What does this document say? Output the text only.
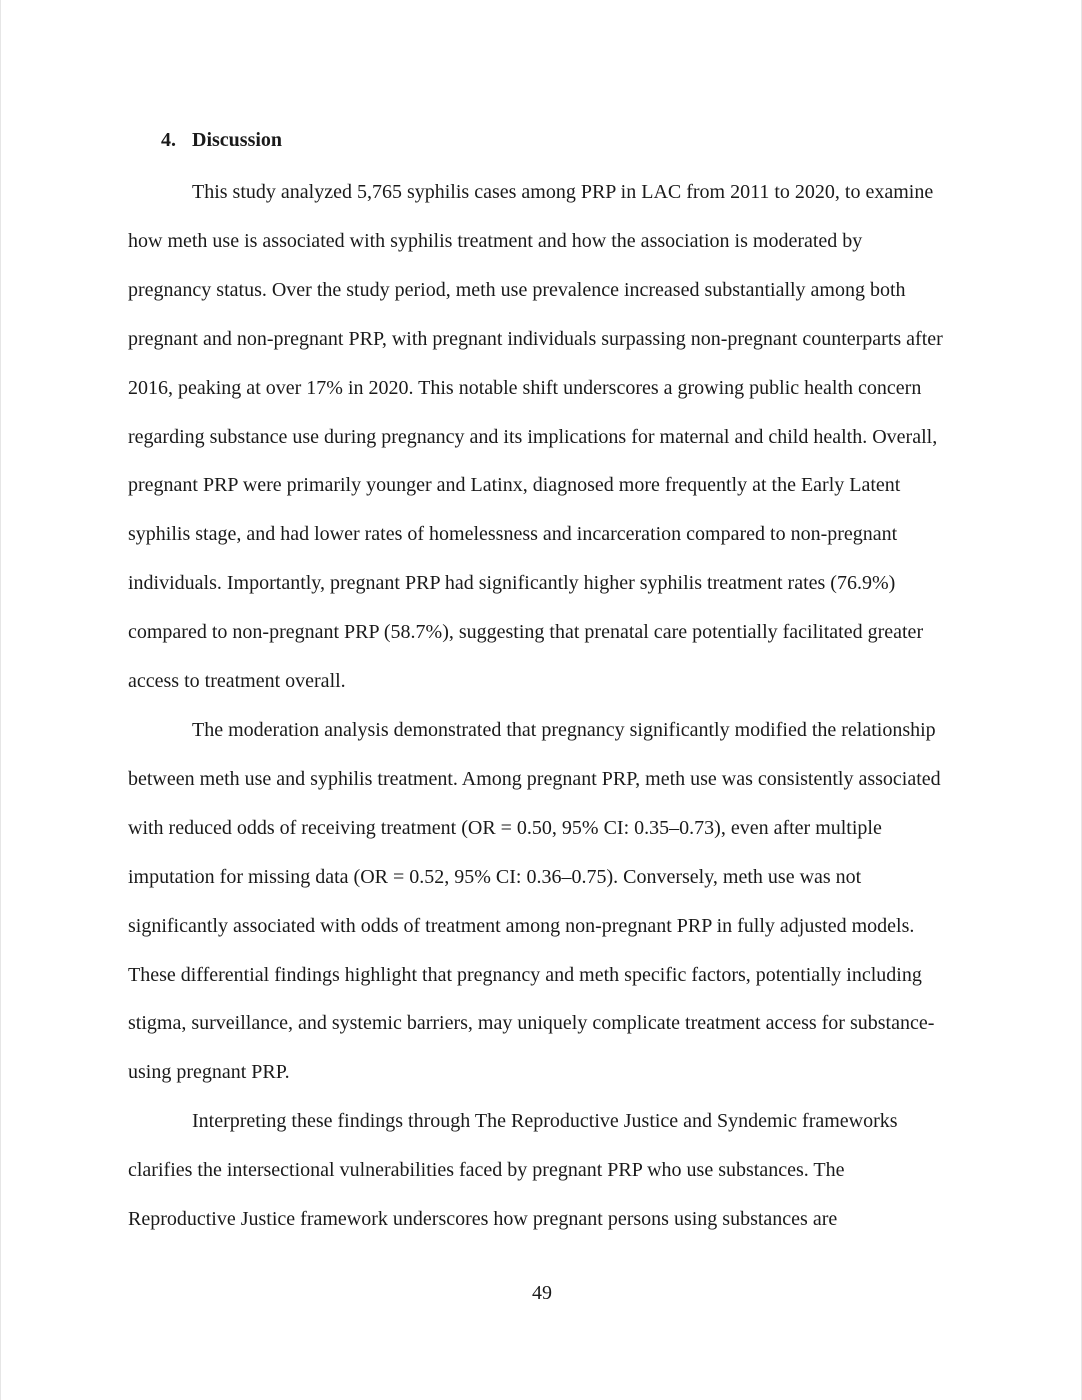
4. Discussion

This study analyzed 5,765 syphilis cases among PRP in LAC from 2011 to 2020, to examine how meth use is associated with syphilis treatment and how the association is moderated by pregnancy status. Over the study period, meth use prevalence increased substantially among both pregnant and non-pregnant PRP, with pregnant individuals surpassing non-pregnant counterparts after 2016, peaking at over 17% in 2020. This notable shift underscores a growing public health concern regarding substance use during pregnancy and its implications for maternal and child health. Overall, pregnant PRP were primarily younger and Latinx, diagnosed more frequently at the Early Latent syphilis stage, and had lower rates of homelessness and incarceration compared to non-pregnant individuals. Importantly, pregnant PRP had significantly higher syphilis treatment rates (76.9%) compared to non-pregnant PRP (58.7%), suggesting that prenatal care potentially facilitated greater access to treatment overall.

The moderation analysis demonstrated that pregnancy significantly modified the relationship between meth use and syphilis treatment. Among pregnant PRP, meth use was consistently associated with reduced odds of receiving treatment (OR = 0.50, 95% CI: 0.35–0.73), even after multiple imputation for missing data (OR = 0.52, 95% CI: 0.36–0.75). Conversely, meth use was not significantly associated with odds of treatment among non-pregnant PRP in fully adjusted models. These differential findings highlight that pregnancy and meth specific factors, potentially including stigma, surveillance, and systemic barriers, may uniquely complicate treatment access for substance-using pregnant PRP.

Interpreting these findings through The Reproductive Justice and Syndemic frameworks clarifies the intersectional vulnerabilities faced by pregnant PRP who use substances. The Reproductive Justice framework underscores how pregnant persons using substances are

49
